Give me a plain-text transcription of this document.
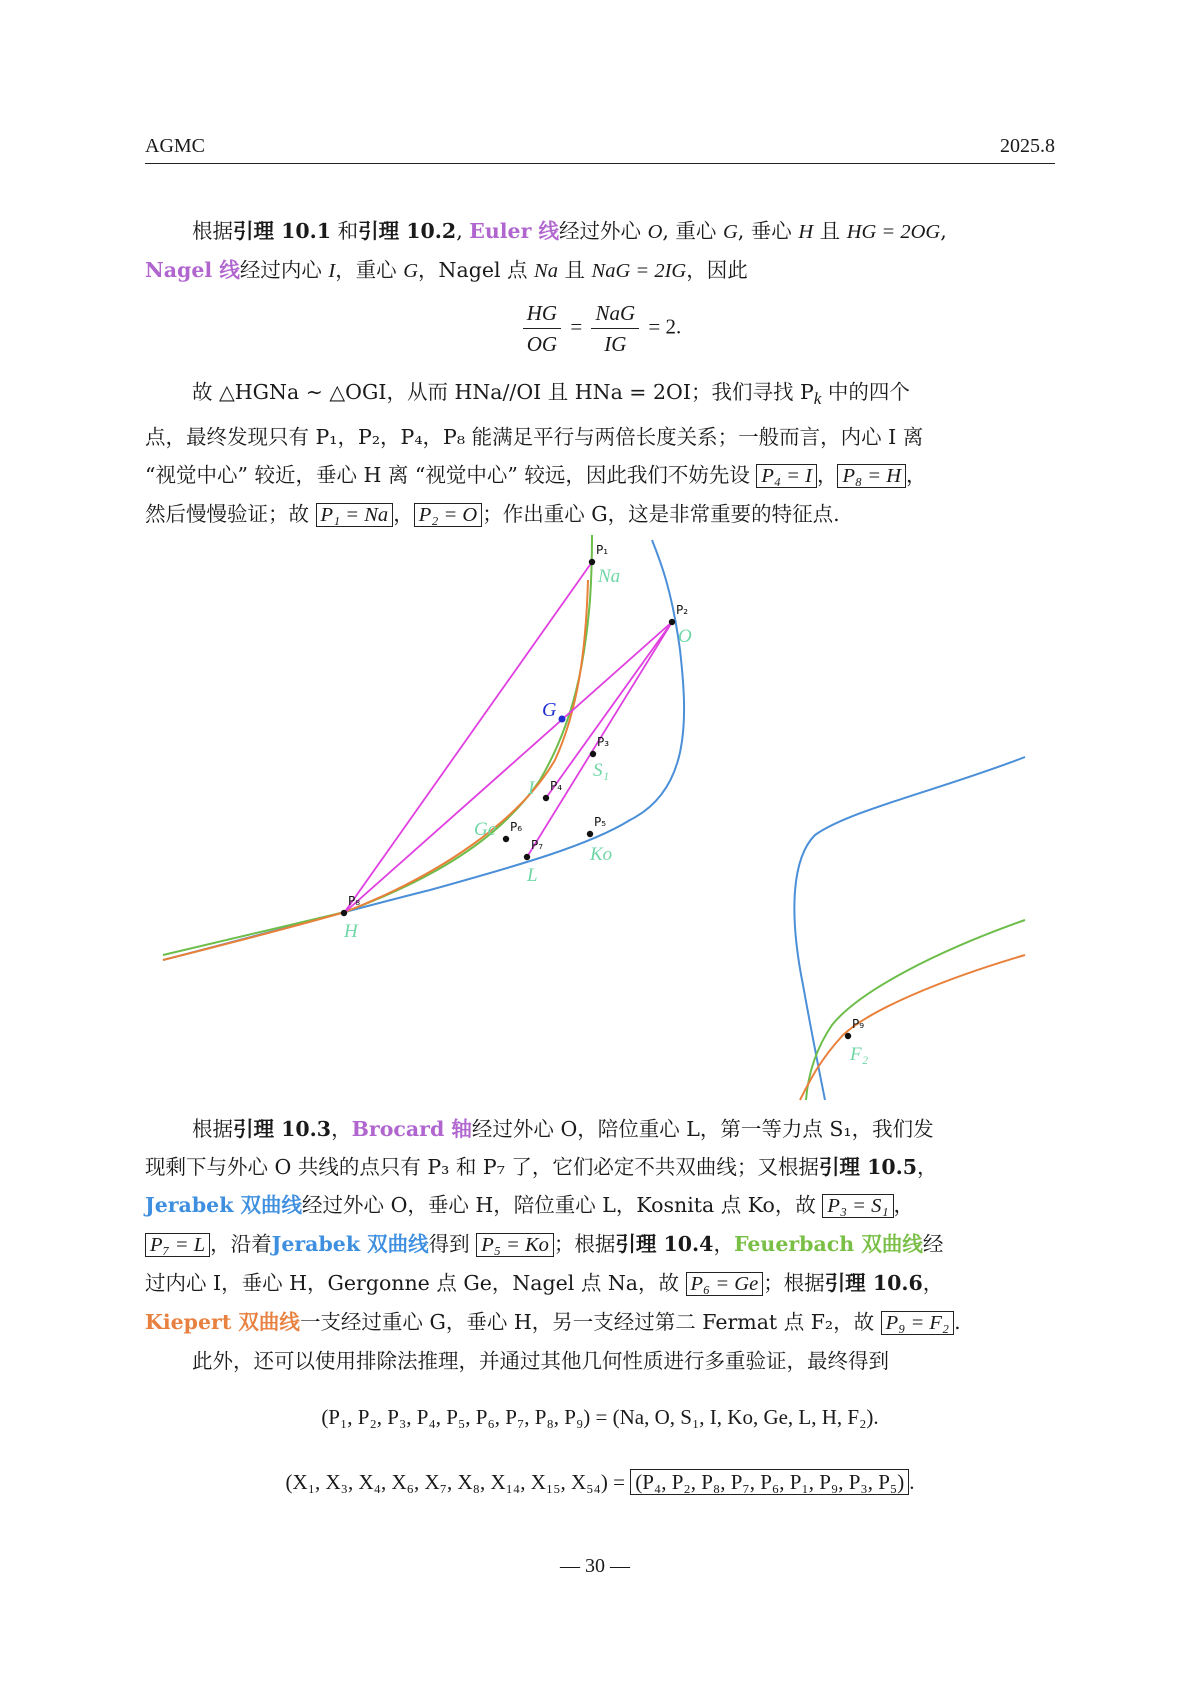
AGMC	2025.8
根据引理 10.1 和引理 10.2, Euler 线经过外心 O, 重心 G, 垂心 H 且 HG = 2OG,
Nagel 线经过内心 I，重心 G，Nagel 点 Na 且 NaG = 2IG，因此
$\frac{HG}{OG} = \frac{\text{NaG}}{IG} = 2$.
故 △HGNa ∼ △OGI，从而 HNa//OI 且 HNa = 2OI；我们寻找 $P_k$ 中的四个
点，最终发现只有 P₁，P₂，P₄，P₈ 能满足平行与两倍长度关系；一般而言，内心 I 离
“视觉中心” 较近，垂心 H 离 “视觉中心” 较远，因此我们不妨先设 P₄ = I ， P₈ = H ，
然后慢慢验证；故 P₁ = Na ， P₂ = O ；作出重心 G，这是非常重要的特征点.
P₁
Na
P₂
O
P₃
S₁
P₄
I
P₅
Ko
P₆
Ge
P₇
L
P₈
H
P₉
F₂
G
根据引理 10.3，Brocard 轴经过外心 O，陪位重心 L，第一等力点 S₁，我们发
现剩下与外心 O 共线的点只有 P₃ 和 P₇ 了，它们必定不共双曲线；又根据引理 10.5，
Jerabek 双曲线经过外心 O，垂心 H，陪位重心 L，Kosnita 点 Ko，故 P₃ = S₁ ，
P₇ = L ，沿着Jerabek 双曲线得到 P₅ = Ko ；根据引理 10.4，Feuerbach 双曲线经
过内心 I，垂心 H，Gergonne 点 Ge，Nagel 点 Na，故 P₆ = Ge ；根据引理 10.6，
Kiepert 双曲线一支经过重心 G，垂心 H，另一支经过第二 Fermat 点 F₂，故 P₉ = F₂ .
此外，还可以使用排除法推理，并通过其他几何性质进行多重验证，最终得到
(P₁, P₂, P₃, P₄, P₅, P₆, P₇, P₈, P₉) = (Na, O, S₁, I, Ko, Ge, L, H, F₂).
(X₁, X₃, X₄, X₆, X₇, X₈, X₁₄, X₁₅, X₅₄) = (P₄, P₂, P₈, P₇, P₆, P₁, P₉, P₃, P₅) .
— 30 —
